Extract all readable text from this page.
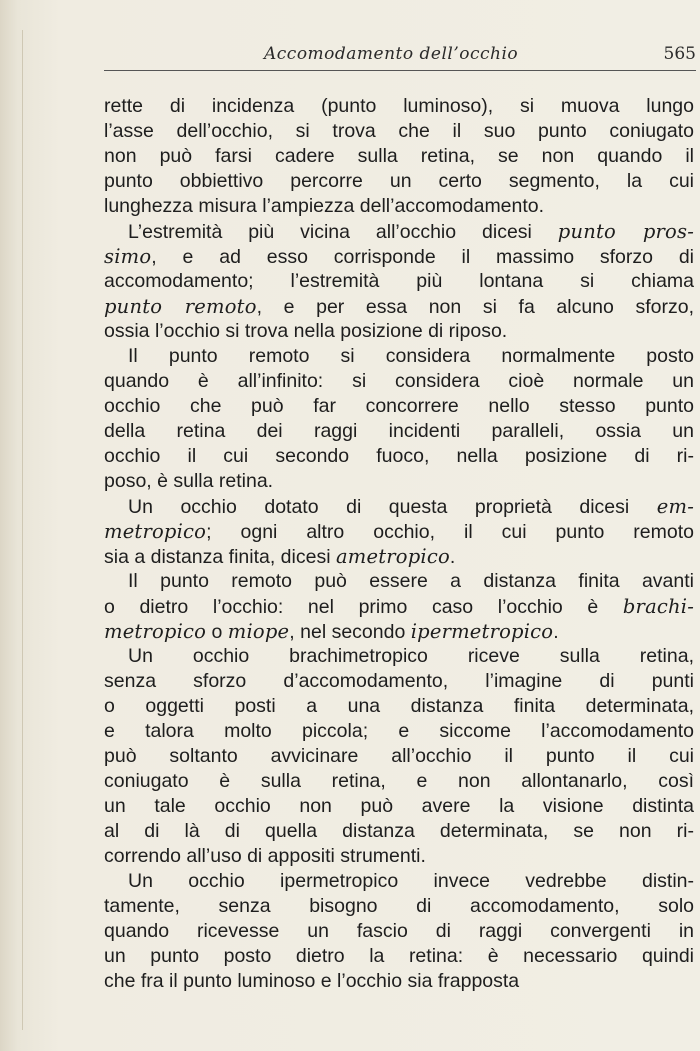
Accomodamento dell’occhio	565
rette di incidenza (punto luminoso), si muova lungo
l’asse dell’occhio, si trova che il suo punto coniugato
non può farsi cadere sulla retina, se non quando il
punto obbiettivo percorre un certo segmento, la cui
lunghezza misura l’ampiezza dell’accomodamento.
L’estremità più vicina all’occhio dicesi punto pros-
simo, e ad esso corrisponde il massimo sforzo di
accomodamento; l’estremità più lontana si chiama
punto remoto, e per essa non si fa alcuno sforzo,
ossia l’occhio si trova nella posizione di riposo.
Il punto remoto si considera normalmente posto
quando è all’infinito: si considera cioè normale un
occhio che può far concorrere nello stesso punto
della retina dei raggi incidenti paralleli, ossia un
occhio il cui secondo fuoco, nella posizione di ri-
poso, è sulla retina.
Un occhio dotato di questa proprietà dicesi em-
metropico; ogni altro occhio, il cui punto remoto
sia a distanza finita, dicesi ametropico.
Il punto remoto può essere a distanza finita avanti
o dietro l’occhio: nel primo caso l’occhio è brachi-
metropico o miope, nel secondo ipermetropico.
Un occhio brachimetropico riceve sulla retina,
senza sforzo d’accomodamento, l’imagine di punti
o oggetti posti a una distanza finita determinata,
e talora molto piccola; e siccome l’accomodamento
può soltanto avvicinare all’occhio il punto il cui
coniugato è sulla retina, e non allontanarlo, così
un tale occhio non può avere la visione distinta
al di là di quella distanza determinata, se non ri-
correndo all’uso di appositi strumenti.
Un occhio ipermetropico invece vedrebbe distin-
tamente, senza bisogno di accomodamento, solo
quando ricevesse un fascio di raggi convergenti in
un punto posto dietro la retina: è necessario quindi
che fra il punto luminoso e l’occhio sia frapposta
